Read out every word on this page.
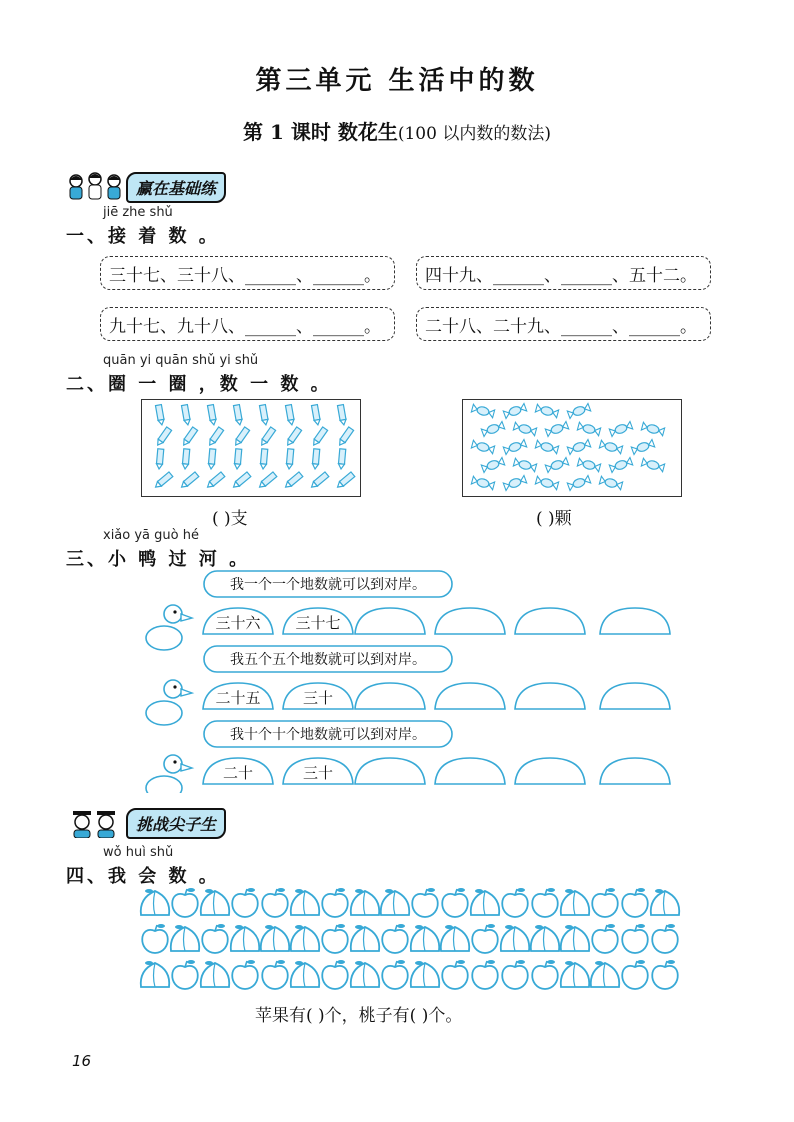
第三单元 生活中的数
第 1 课时 数花生(100 以内数的数法)
赢在基础练
jiē zhe shǔ
一、接 着 数 。
三十七、三十八、______、______。	四十九、______、______、五十二。
九十七、九十八、______、______。	二十八、二十九、______、______。
quān yi quān shǔ yi shǔ
二、圈 一 圈 ，数 一 数 。
( )支	( )颗
xiǎo yā guò hé
三、小 鸭 过 河 。
我一个一个地数就可以到对岸。
三十六 三十七
我五个五个地数就可以到对岸。
二十五	三十
我十个十个地数就可以到对岸。
二十	三十
挑战尖子生
wǒ huì shǔ
四、我 会 数 。
苹果有( )个，桃子有( )个。
16
